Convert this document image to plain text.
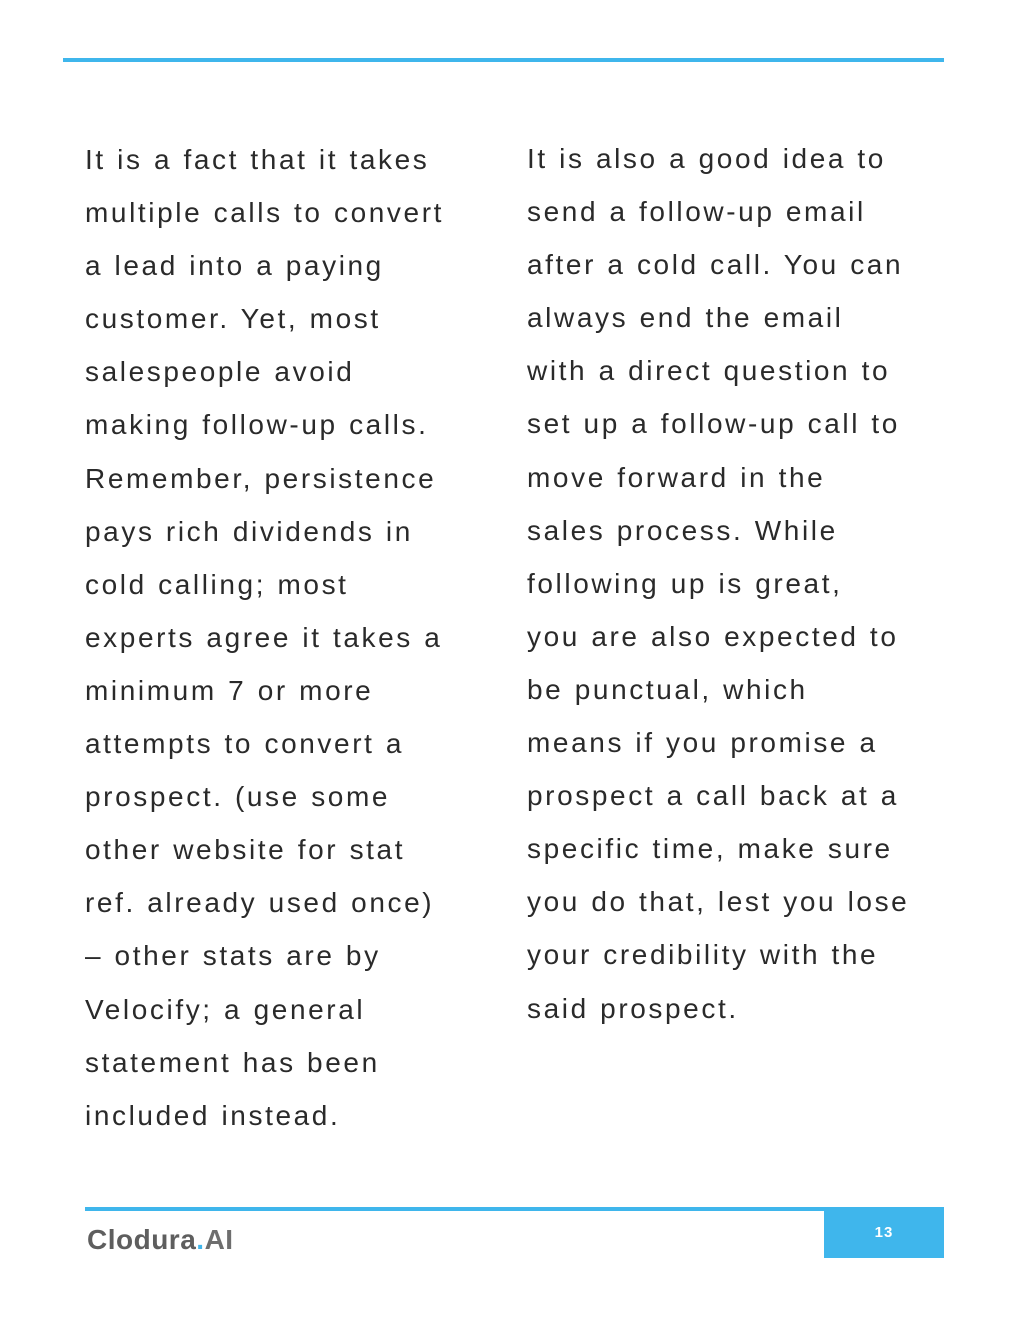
It is a fact that it takes
multiple calls to convert
a lead into a paying
customer. Yet, most
salespeople avoid
making follow-up calls.
Remember, persistence
pays rich dividends in
cold calling; most
experts agree it takes a
minimum 7 or more
attempts to convert a
prospect. (use some
other website for stat
ref. already used once)
– other stats are by
Velocify; a general
statement has been
included instead.
It is also a good idea to
send a follow-up email
after a cold call. You can
always end the email
with a direct question to
set up a follow-up call to
move forward in the
sales process. While
following up is great,
you are also expected to
be punctual, which
means if you promise a
prospect a call back at a
specific time, make sure
you do that, lest you lose
your credibility with the
said prospect.
Clodura.AI	13
